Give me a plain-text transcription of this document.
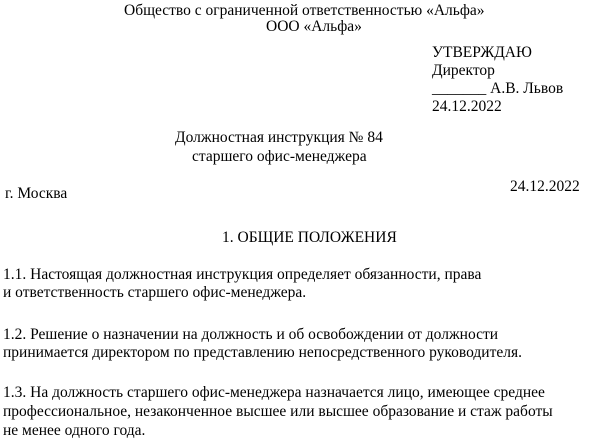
Общество с ограниченной ответственностью «Альфа»
ООО «Альфа»
УТВЕРЖДАЮ
Директор
_______ А.В. Львов
24.12.2022
Должностная инструкция № 84
старшего офис-менеджера
г. Москва	24.12.2022
1. ОБЩИЕ ПОЛОЖЕНИЯ
1.1. Настоящая должностная инструкция определяет обязанности, права
и ответственность старшего офис-менеджера.
1.2. Решение о назначении на должность и об освобождении от должности
принимается директором по представлению непосредственного руководителя.
1.3. На должность старшего офис-менеджера назначается лицо, имеющее среднее
профессиональное, незаконченное высшее или высшее образование и стаж работы
не менее одного года.
